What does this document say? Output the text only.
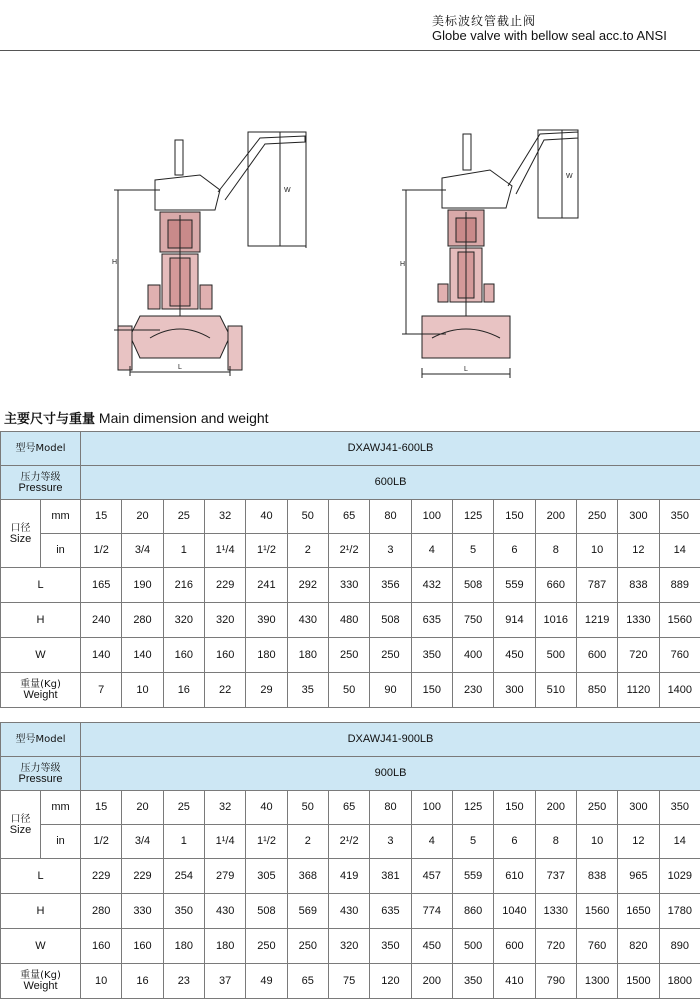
美标波纹管截止阀
Globe valve with bellow seal acc.to ANSI
H
W
L
H
W
L
主要尺寸与重量 Main dimension and weight
型号Model		DXAWJ41-600LB														
压力等级
Pressure		600LB														
口径
Size	mm	15	20	25	32	40	50	65	80	100	125	150	200	250	300	350
	in	1/2	3/4	1	1¹/4	1¹/2	2	2¹/2	3	4	5	6	8	10	12	14
L		165	190	216	229	241	292	330	356	432	508	559	660	787	838	889
H		240	280	320	320	390	430	480	508	635	750	914	1016	1219	1330	1560
W		140	140	160	160	180	180	250	250	350	400	450	500	600	720	760
重量(Kg)
Weight		7	10	16	22	29	35	50	90	150	230	300	510	850	1120	1400
型号Model		DXAWJ41-900LB														
压力等级
Pressure		900LB														
口径
Size	mm	15	20	25	32	40	50	65	80	100	125	150	200	250	300	350
	in	1/2	3/4	1	1¹/4	1¹/2	2	2¹/2	3	4	5	6	8	10	12	14
L		229	229	254	279	305	368	419	381	457	559	610	737	838	965	1029
H		280	330	350	430	508	569	430	635	774	860	1040	1330	1560	1650	1780
W		160	160	180	180	250	250	320	350	450	500	600	720	760	820	890
重量(Kg)
Weight		10	16	23	37	49	65	75	120	200	350	410	790	1300	1500	1800
